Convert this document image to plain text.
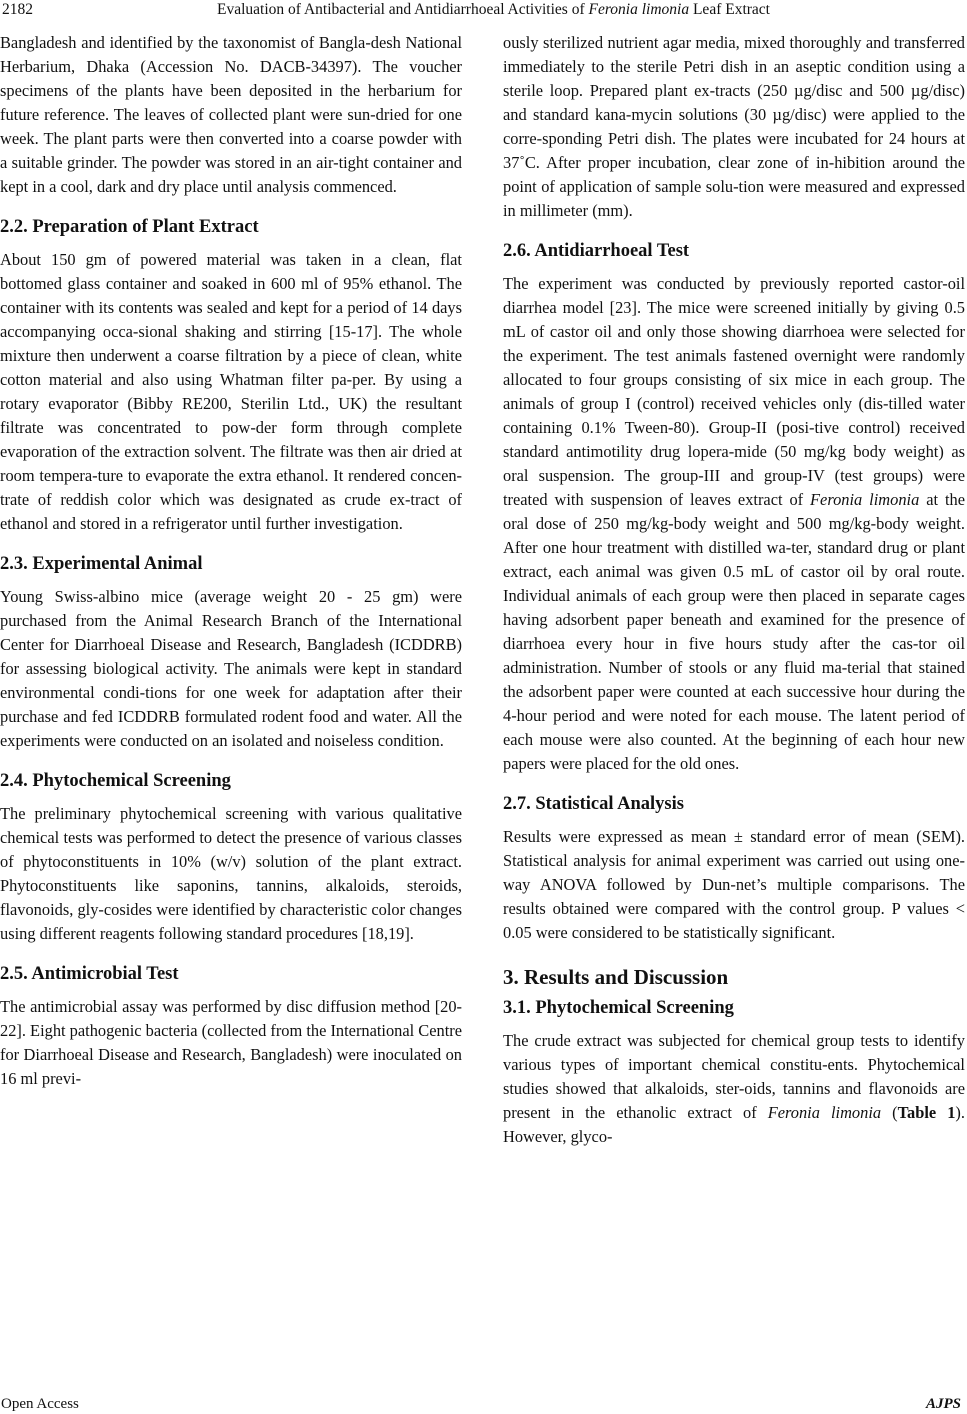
2182	Evaluation of Antibacterial and Antidiarrhoeal Activities of Feronia limonia Leaf Extract

Bangladesh and identified by the taxonomist of Bangla-desh National Herbarium, Dhaka (Accession No. DACB-34397). The voucher specimens of the plants have been deposited in the herbarium for future reference. The leaves of collected plant were sun-dried for one week. The plant parts were then converted into a coarse powder with a suitable grinder. The powder was stored in an air-tight container and kept in a cool, dark and dry place until analysis commenced.

2.2. Preparation of Plant Extract

About 150 gm of powered material was taken in a clean, flat bottomed glass container and soaked in 600 ml of 95% ethanol. The container with its contents was sealed and kept for a period of 14 days accompanying occa-sional shaking and stirring [15-17]. The whole mixture then underwent a coarse filtration by a piece of clean, white cotton material and also using Whatman filter pa-per. By using a rotary evaporator (Bibby RE200, Sterilin Ltd., UK) the resultant filtrate was concentrated to pow-der form through complete evaporation of the extraction solvent. The filtrate was then air dried at room tempera-ture to evaporate the extra ethanol. It rendered concen-trate of reddish color which was designated as crude ex-tract of ethanol and stored in a refrigerator until further investigation.

2.3. Experimental Animal

Young Swiss-albino mice (average weight 20 - 25 gm) were purchased from the Animal Research Branch of the International Center for Diarrhoeal Disease and Research, Bangladesh (ICDDRB) for assessing biological activity. The animals were kept in standard environmental condi-tions for one week for adaptation after their purchase and fed ICDDRB formulated rodent food and water. All the experiments were conducted on an isolated and noiseless condition.

2.4. Phytochemical Screening

The preliminary phytochemical screening with various qualitative chemical tests was performed to detect the presence of various classes of phytoconstituents in 10% (w/v) solution of the plant extract. Phytoconstituents like saponins, tannins, alkaloids, steroids, flavonoids, gly-cosides were identified by characteristic color changes using different reagents following standard procedures [18,19].

2.5. Antimicrobial Test

The antimicrobial assay was performed by disc diffusion method [20-22]. Eight pathogenic bacteria (collected from the International Centre for Diarrhoeal Disease and Research, Bangladesh) were inoculated on 16 ml previ-

ously sterilized nutrient agar media, mixed thoroughly and transferred immediately to the sterile Petri dish in an aseptic condition using a sterile loop. Prepared plant ex-tracts (250 µg/disc and 500 µg/disc) and standard kana-mycin solutions (30 µg/disc) were applied to the corre-sponding Petri dish. The plates were incubated for 24 hours at 37˚C. After proper incubation, clear zone of in-hibition around the point of application of sample solu-tion were measured and expressed in millimeter (mm).

2.6. Antidiarrhoeal Test

The experiment was conducted by previously reported castor-oil diarrhea model [23]. The mice were screened initially by giving 0.5 mL of castor oil and only those showing diarrhoea were selected for the experiment. The test animals fastened overnight were randomly allocated to four groups consisting of six mice in each group. The animals of group I (control) received vehicles only (dis-tilled water containing 0.1% Tween-80). Group-II (posi-tive control) received standard antimotility drug lopera-mide (50 mg/kg body weight) as oral suspension. The group-III and group-IV (test groups) were treated with suspension of leaves extract of Feronia limonia at the oral dose of 250 mg/kg-body weight and 500 mg/kg-body weight. After one hour treatment with distilled wa-ter, standard drug or plant extract, each animal was given 0.5 mL of castor oil by oral route. Individual animals of each group were then placed in separate cages having adsorbent paper beneath and examined for the presence of diarrhoea every hour in five hours study after the cas-tor oil administration. Number of stools or any fluid ma-terial that stained the adsorbent paper were counted at each successive hour during the 4-hour period and were noted for each mouse. The latent period of each mouse were also counted. At the beginning of each hour new papers were placed for the old ones.

2.7. Statistical Analysis

Results were expressed as mean ± standard error of mean (SEM). Statistical analysis for animal experiment was carried out using one-way ANOVA followed by Dun-net’s multiple comparisons. The results obtained were compared with the control group. P values < 0.05 were considered to be statistically significant.

3. Results and Discussion
3.1. Phytochemical Screening

The crude extract was subjected for chemical group tests to identify various types of important chemical constitu-ents. Phytochemical studies showed that alkaloids, ster-oids, tannins and flavonoids are present in the ethanolic extract of Feronia limonia (Table 1). However, glyco-

Open Access	AJPS
